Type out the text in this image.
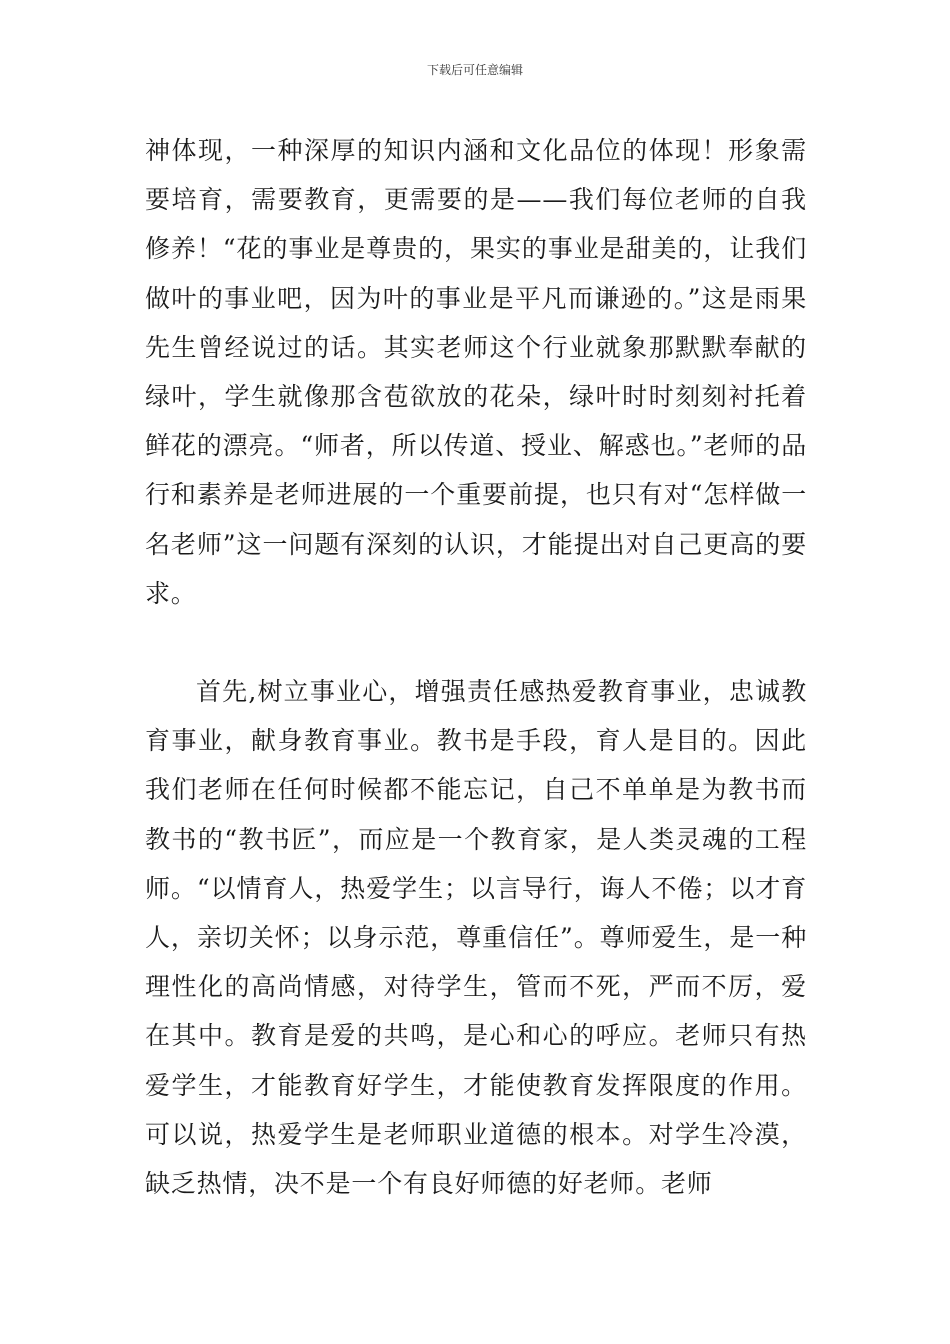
下载后可任意编辑

神体现，一种深厚的知识内涵和文化品位的体现！形象需要培育，需要教育，更需要的是——我们每位老师的自我修养！“花的事业是尊贵的，果实的事业是甜美的，让我们做叶的事业吧，因为叶的事业是平凡而谦逊的。”这是雨果先生曾经说过的话。其实老师这个行业就象那默默奉献的绿叶，学生就像那含苞欲放的花朵，绿叶时时刻刻衬托着鲜花的漂亮。“师者，所以传道、授业、解惑也。”老师的品行和素养是老师进展的一个重要前提，也只有对“怎样做一名老师”这一问题有深刻的认识，才能提出对自己更高的要求。

首先,树立事业心，增强责任感热爱教育事业，忠诚教育事业，献身教育事业。教书是手段，育人是目的。因此我们老师在任何时候都不能忘记，自己不单单是为教书而教书的“教书匠”，而应是一个教育家，是人类灵魂的工程师。“以情育人，热爱学生；以言导行，诲人不倦；以才育人，亲切关怀；以身示范，尊重信任”。尊师爱生，是一种理性化的高尚情感，对待学生，管而不死，严而不厉，爱在其中。教育是爱的共鸣，是心和心的呼应。老师只有热爱学生，才能教育好学生，才能使教育发挥限度的作用。可以说，热爱学生是老师职业道德的根本。对学生冷漠，缺乏热情，决不是一个有良好师德的好老师。老师
